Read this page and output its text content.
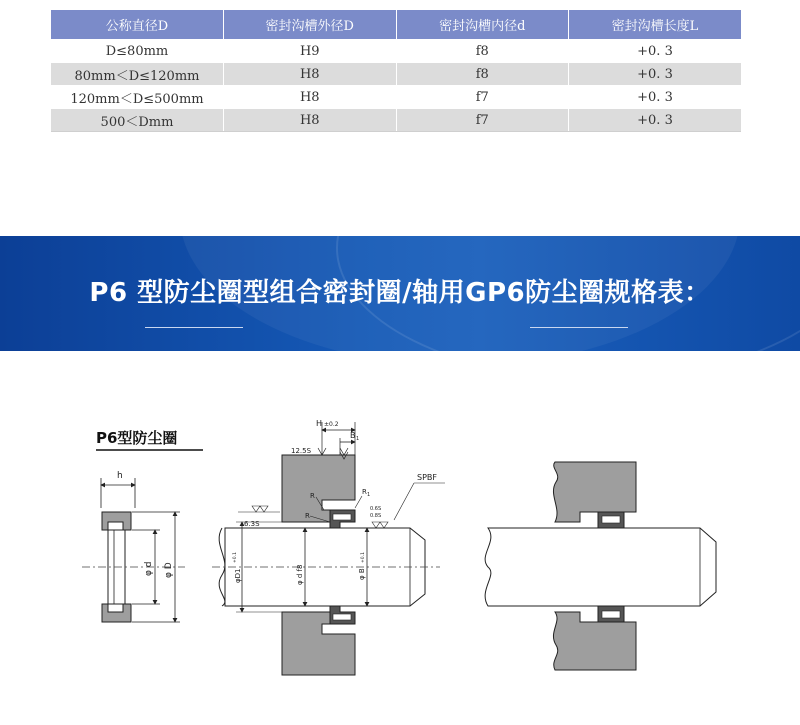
公称直径D	密封沟槽外径D	密封沟槽内径d	密封沟槽长度L
D≤80mm	H9	f8	+0. 3
80mm＜D≤120mm	H8	f8	+0. 3
120mm＜D≤500mm	H8	f7	+0. 3
500＜Dmm	H8	f7	+0. 3
P6 型防尘圈型组合密封圈/轴用GP6防尘圈规格表：
P6型防尘圈
h
φ d φ D
H ±0.2
B 1
12.5S
R
R
R 1
6.3S
0.6S
0.8S
SPBF
φD1
+0.1
φ d f8	φ B
+0.1
